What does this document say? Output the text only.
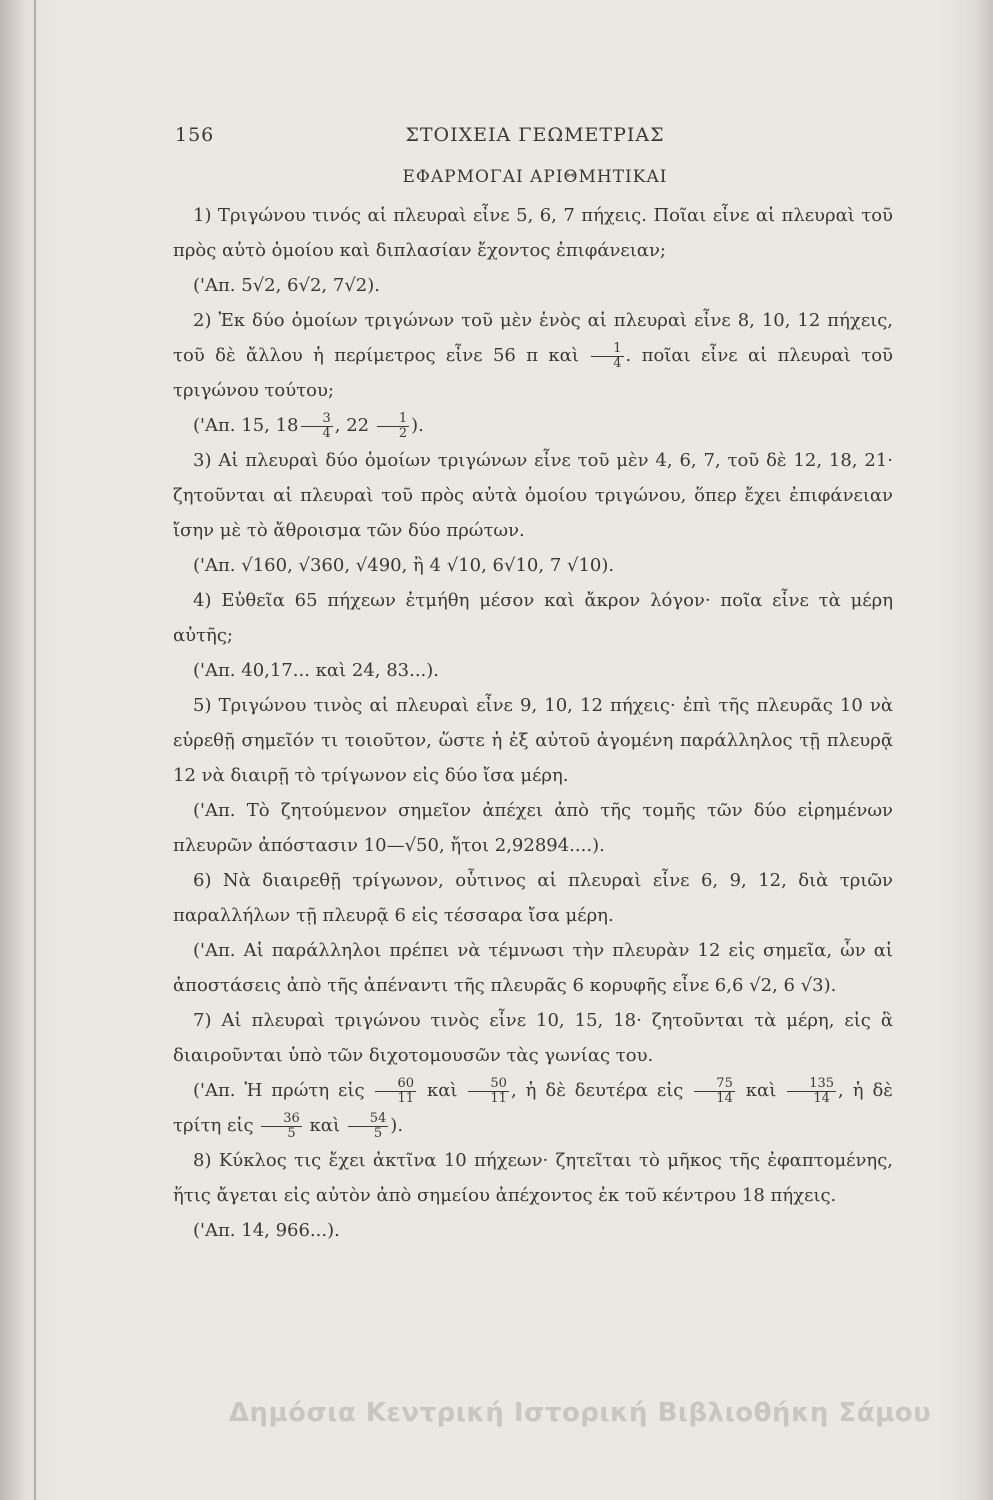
156	ΣΤΟΙΧΕΙΑ ΓΕΩΜΕΤΡΙΑΣ
ΕΦΑΡΜΟΓΑΙ ΑΡΙΘΜΗΤΙΚΑΙ

1) Τριγώνου τινός αἱ πλευραὶ εἶνε 5, 6, 7 πήχεις. Ποῖαι εἶνε αἱ πλευραὶ τοῦ πρὸς αὐτὸ ὁμοίου καὶ διπλασίαν ἔχοντος ἐπιφάνειαν;

('Απ. 5√2, 6√2, 7√2).

2) Ἐκ δύο ὁμοίων τριγώνων τοῦ μὲν ἑνὸς αἱ πλευραὶ εἶνε 8, 10, 12 πήχεις, τοῦ δὲ ἄλλου ἡ περίμετρος εἶνε 56 π καὶ $\frac{1}{4}$ . ποῖαι εἶνε αἱ πλευραὶ τοῦ τριγώνου τούτου;

('Απ. 15, $18 \frac{3}{4}$ , $22 \frac{1}{2}$ ).

3) Αἱ πλευραὶ δύο ὁμοίων τριγώνων εἶνε τοῦ μὲν 4, 6, 7, τοῦ δὲ 12, 18, 21· ζητοῦνται αἱ πλευραὶ τοῦ πρὸς αὐτὰ ὁμοίου τριγώνου, ὅπερ ἔχει ἐπιφάνειαν ἴσην μὲ τὸ ἄθροισμα τῶν δύο πρώτων.

('Απ. √160, √360, √490, ἢ 4 √10, 6√10, 7 √10).

4) Εὐθεῖα 65 πήχεων ἐτμήθη μέσον καὶ ἄκρον λόγον· ποῖα εἶνε τὰ μέρη αὐτῆς;

('Απ. 40,17... καὶ 24, 83...).

5) Τριγώνου τινὸς αἱ πλευραὶ εἶνε 9, 10, 12 πήχεις· ἐπὶ τῆς πλευρᾶς 10 νὰ εὑρεθῇ σημεῖόν τι τοιοῦτον, ὥστε ἡ ἐξ αὐτοῦ ἀγομένη παράλληλος τῇ πλευρᾷ 12 νὰ διαιρῇ τὸ τρίγωνον εἰς δύο ἴσα μέρη.

('Απ. Τὸ ζητούμενον σημεῖον ἀπέχει ἀπὸ τῆς τομῆς τῶν δύο εἰρημένων πλευρῶν ἀπόστασιν 10—√50, ἤτοι 2,92894....).

6) Νὰ διαιρεθῇ τρίγωνον, οὗτινος αἱ πλευραὶ εἶνε 6, 9, 12, διὰ τριῶν παραλλήλων τῇ πλευρᾷ 6 εἰς τέσσαρα ἴσα μέρη.

('Απ. Αἱ παράλληλοι πρέπει νὰ τέμνωσι τὴν πλευρὰν 12 εἰς σημεῖα, ὧν αἱ ἀποστάσεις ἀπὸ τῆς ἀπέναντι τῆς πλευρᾶς 6 κορυφῆς εἶνε 6,6 √2, 6 √3).

7) Αἱ πλευραὶ τριγώνου τινὸς εἶνε 10, 15, 18· ζητοῦνται τὰ μέρη, εἰς ἃ διαιροῦνται ὑπὸ τῶν διχοτομουσῶν τὰς γωνίας του.

('Απ. Ἡ πρώτη εἰς $\frac{60}{11}$ καὶ $\frac{50}{11}$ , ἡ δὲ δευτέρα εἰς $\frac{75}{14}$ καὶ $\frac{135}{14}$ , ἡ δὲ τρίτη εἰς $\frac{36}{5}$ καὶ $\frac{54}{5}$ ).

8) Κύκλος τις ἔχει ἀκτῖνα 10 πήχεων· ζητεῖται τὸ μῆκος τῆς ἐφαπτομένης, ἥτις ἄγεται εἰς αὐτὸν ἀπὸ σημείου ἀπέχοντος ἐκ τοῦ κέντρου 18 πήχεις.

('Απ. 14, 966...).

Δημόσια Κεντρική Ιστορική Βιβλιοθήκη Σάμου
